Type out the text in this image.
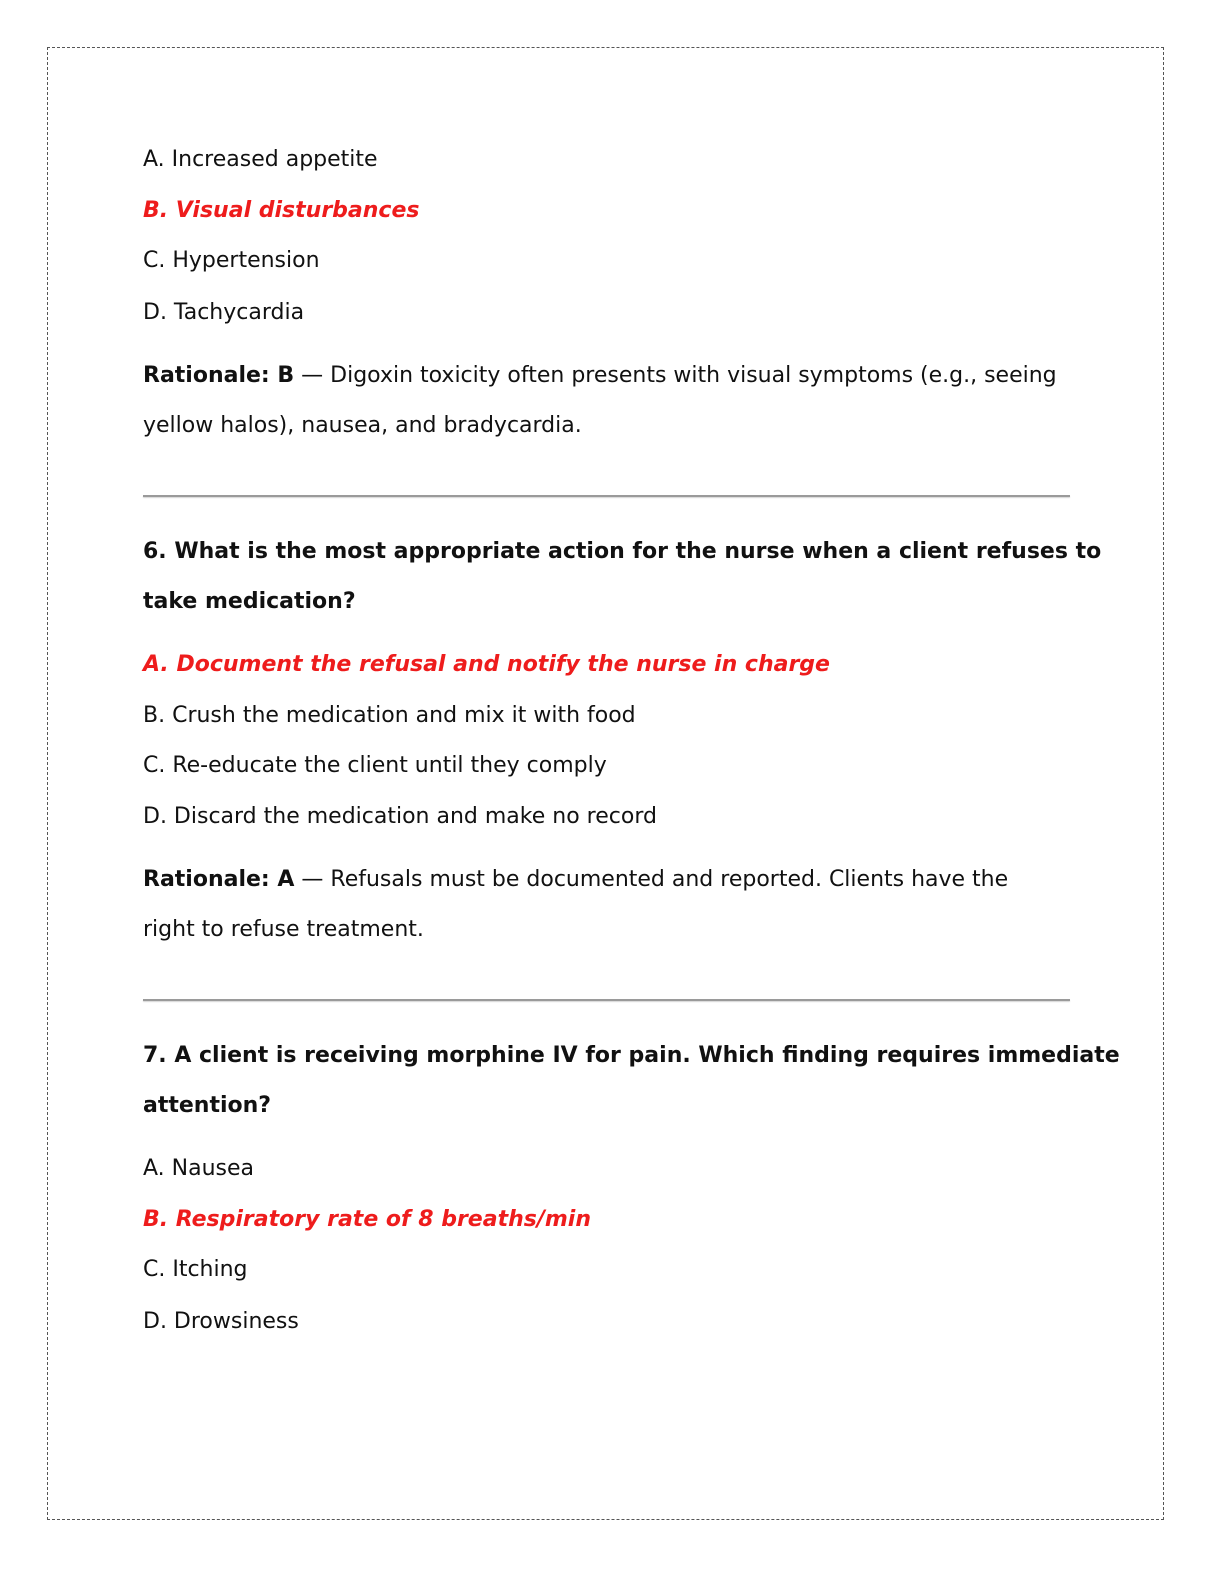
A. Increased appetite
B. Visual disturbances
C. Hypertension
D. Tachycardia
Rationale: B — Digoxin toxicity often presents with visual symptoms (e.g., seeing
yellow halos), nausea, and bradycardia.
6. What is the most appropriate action for the nurse when a client refuses to
take medication?
A. Document the refusal and notify the nurse in charge
B. Crush the medication and mix it with food
C. Re-educate the client until they comply
D. Discard the medication and make no record
Rationale: A — Refusals must be documented and reported. Clients have the
right to refuse treatment.
7. A client is receiving morphine IV for pain. Which finding requires immediate
attention?
A. Nausea
B. Respiratory rate of 8 breaths/min
C. Itching
D. Drowsiness
